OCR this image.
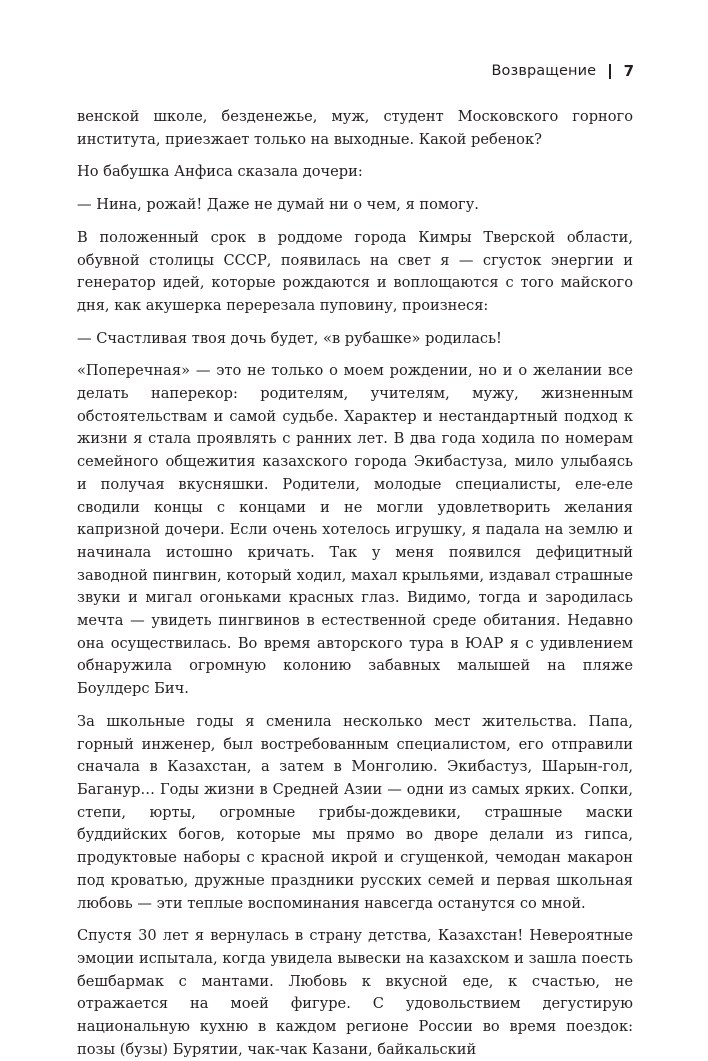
Возвращение 7

венской школе, безденежье, муж, студент Московского горного института, приезжает только на выходные. Какой ребенок?

Но бабушка Анфиса сказала дочери:

— Нина, рожай! Даже не думай ни о чем, я помогу.

В положенный срок в роддоме города Кимры Тверской области, обувной столицы СССР, появилась на свет я — сгусток энергии и генератор идей, которые рождаются и воплощаются с того майского дня, как акушерка перерезала пуповину, произнеся:

— Счастливая твоя дочь будет, «в рубашке» родилась!

«Поперечная» — это не только о моем рождении, но и о желании все делать наперекор: родителям, учителям, мужу, жизненным обстоятельствам и самой судьбе. Характер и нестандартный подход к жизни я стала проявлять с ранних лет. В два года ходила по номерам семейного общежития казахского города Экибастуза, мило улыбаясь и получая вкусняшки. Родители, молодые специалисты, еле-еле сводили концы с концами и не могли удовлетворить желания капризной дочери. Если очень хотелось игрушку, я падала на землю и начинала истошно кричать. Так у меня появился дефицитный заводной пингвин, который ходил, махал крыльями, издавал страшные звуки и мигал огоньками красных глаз. Видимо, тогда и зародилась мечта — увидеть пингвинов в естественной среде обитания. Недавно она осуществилась. Во время авторского тура в ЮАР я с удивлением обнаружила огромную колонию забавных малышей на пляже Боулдерс Бич.

За школьные годы я сменила несколько мест жительства. Папа, горный инженер, был востребованным специалистом, его отправили сначала в Казахстан, а затем в Монголию. Экибастуз, Шарын-гол, Баганур… Годы жизни в Средней Азии — одни из самых ярких. Сопки, степи, юрты, огромные грибы-дождевики, страшные маски буддийских богов, которые мы прямо во дворе делали из гипса, продуктовые наборы с красной икрой и сгущенкой, чемодан макарон под кроватью, дружные праздники русских семей и первая школьная любовь — эти теплые воспоминания навсегда останутся со мной.

Спустя 30 лет я вернулась в страну детства, Казахстан! Невероятные эмоции испытала, когда увидела вывески на казахском и зашла поесть бешбармак с мантами. Любовь к вкусной еде, к счастью, не отражается на моей фигуре. С удовольствием дегустирую национальную кухню в каждом регионе России во время поездок: позы (бузы) Бурятии, чак-чак Казани, байкальский
